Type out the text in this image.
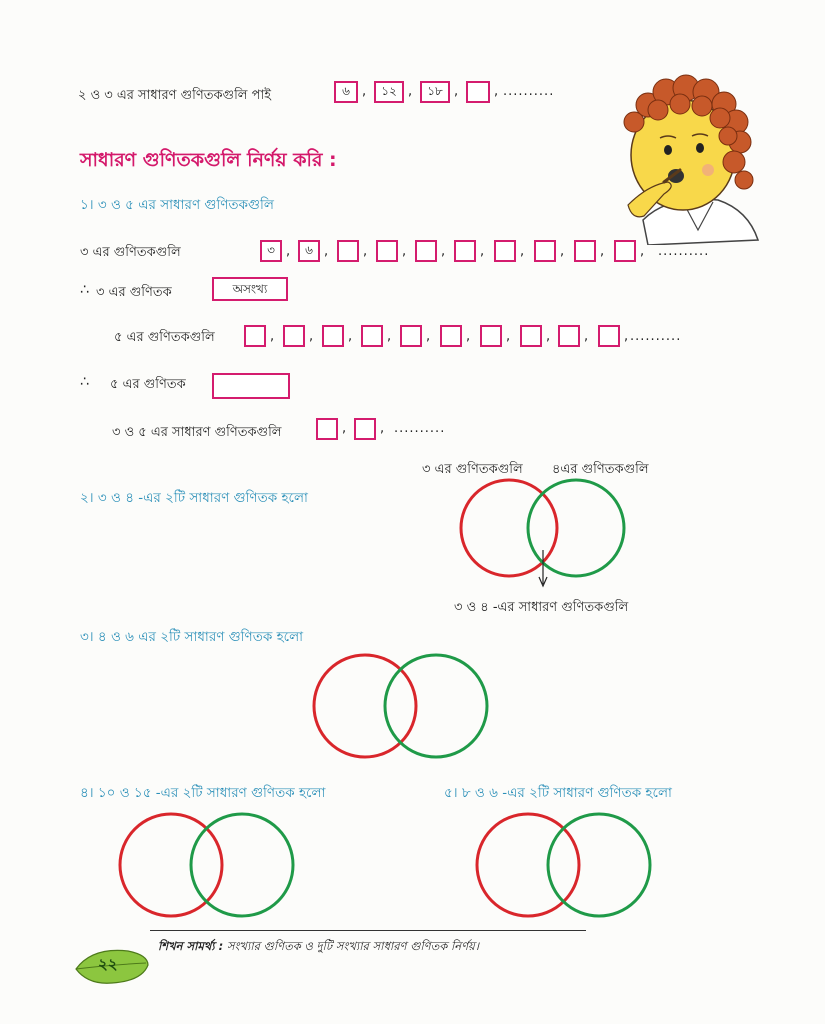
২ ও ৩ এর সাধারণ গুণিতকগুলি পাই	৬ ,	১২ ,	১৮ ,	, ..........
সাধারণ গুণিতকগুলি নির্ণয় করি :
১। ৩ ও ৫ এর সাধারণ গুণিতকগুলি
৩ এর গুণিতকগুলি	৩ ,	৬ ,	,	,	,	,	,	,	,	, ..........
∴ ৩ এর গুণিতক	অসংখ্য
৫ এর গুণিতকগুলি	,	,	,	,	,	,	,	,	,	, ..........
∴ ৫ এর গুণিতক
৩ ও ৫ এর সাধারণ গুণিতকগুলি	,	, ..........
৩ এর গুণিতকগুলি ৪এর গুণিতকগুলি
২। ৩ ও ৪ -এর ২টি সাধারণ গুণিতক হলো
৩ ও ৪ -এর সাধারণ গুণিতকগুলি
৩। ৪ ও ৬ এর ২টি সাধারণ গুণিতক হলো
৪। ১০ ও ১৫ -এর ২টি সাধারণ গুণিতক হলো	৫। ৮ ও ৬ -এর ২টি সাধারণ গুণিতক হলো
শিখন সামর্থ্য : সংখ্যার গুণিতক ও দুটি সংখ্যার সাধারণ গুণিতক নির্ণয়।
২২
